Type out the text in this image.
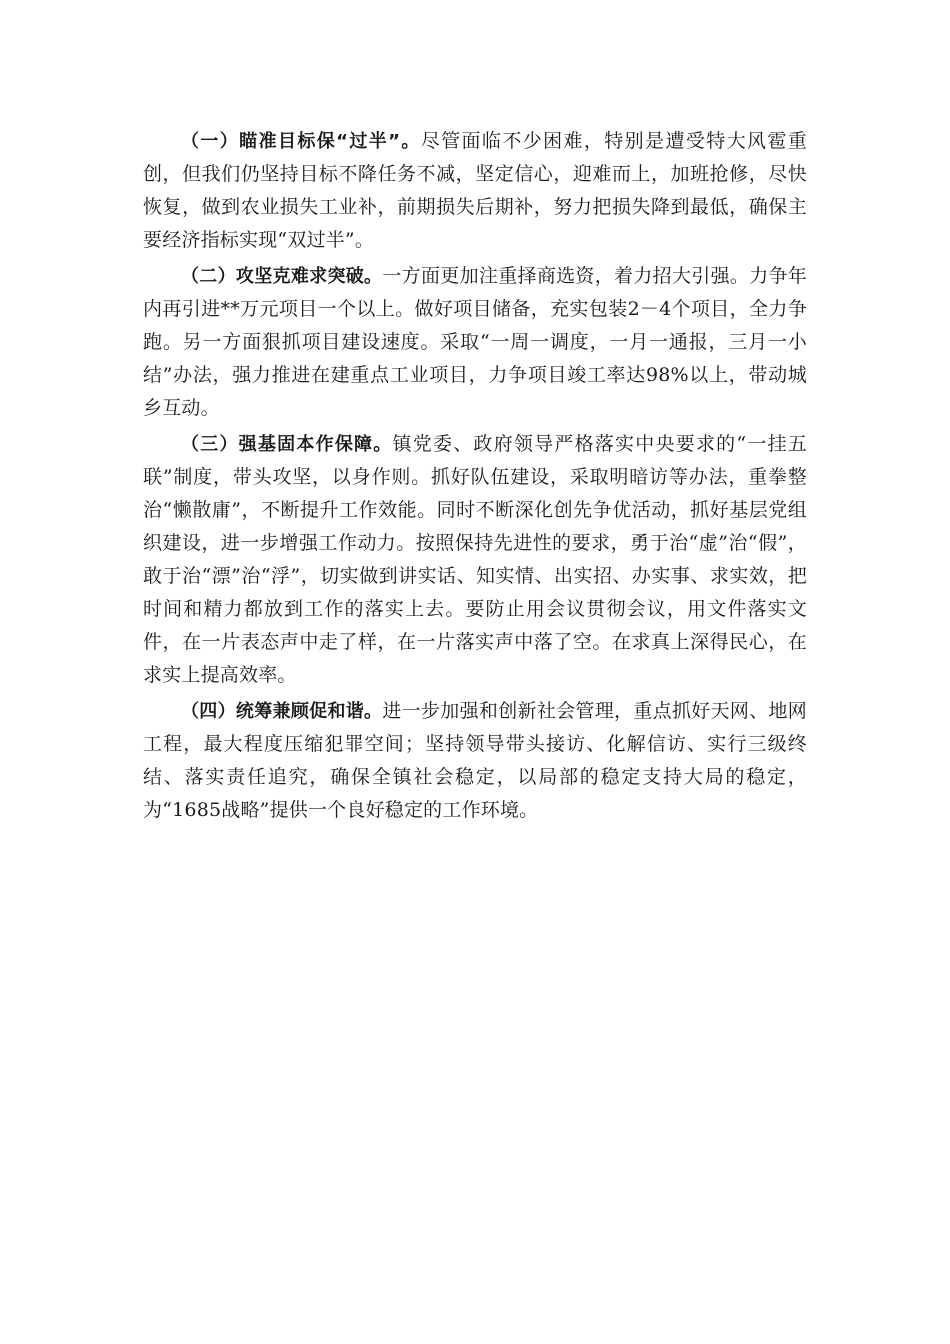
（一）瞄准目标保“过半”。尽管面临不少困难，特别是遭受特大风雹重创，但我们仍坚持目标不降任务不减，坚定信心，迎难而上，加班抢修，尽快恢复，做到农业损失工业补，前期损失后期补，努力把损失降到最低，确保主要经济指标实现“双过半”。

（二）攻坚克难求突破。一方面更加注重择商选资，着力招大引强。力争年内再引进**万元项目一个以上。做好项目储备，充实包装2－4个项目，全力争跑。另一方面狠抓项目建设速度。采取“一周一调度，一月一通报，三月一小结”办法，强力推进在建重点工业项目，力争项目竣工率达98%以上，带动城乡互动。

（三）强基固本作保障。镇党委、政府领导严格落实中央要求的“一挂五联”制度，带头攻坚，以身作则。抓好队伍建设，采取明暗访等办法，重拳整治“懒散庸”，不断提升工作效能。同时不断深化创先争优活动，抓好基层党组织建设，进一步增强工作动力。按照保持先进性的要求，勇于治“虚”治“假”，敢于治“漂”治“浮”，切实做到讲实话、知实情、出实招、办实事、求实效，把时间和精力都放到工作的落实上去。要防止用会议贯彻会议，用文件落实文件，在一片表态声中走了样，在一片落实声中落了空。在求真上深得民心，在求实上提高效率。

（四）统筹兼顾促和谐。进一步加强和创新社会管理，重点抓好天网、地网工程，最大程度压缩犯罪空间；坚持领导带头接访、化解信访、实行三级终结、落实责任追究，确保全镇社会稳定，以局部的稳定支持大局的稳定，为“1685战略”提供一个良好稳定的工作环境。
